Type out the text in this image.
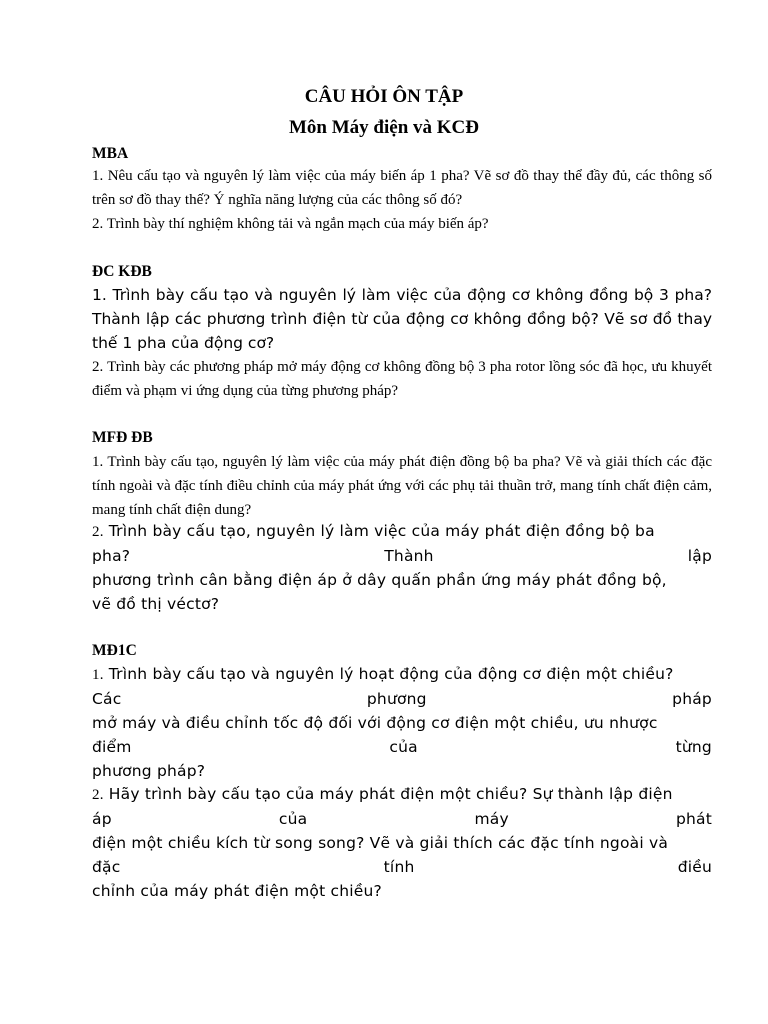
CÂU HỎI ÔN TẬP
Môn Máy điện và KCĐ
MBA

1. Nêu cấu tạo và nguyên lý làm việc của máy biến áp 1 pha? Vẽ sơ đồ thay thể đầy đủ, các thông số trên sơ đồ thay thế? Ý nghĩa năng lượng của các thông số đó?

2. Trình bày thí nghiệm không tải và ngắn mạch của máy biến áp?

ĐC KĐB

1. Trình bày cấu tạo và nguyên lý làm việc của động cơ không đồng bộ 3 pha? Thành lập các phương trình điện từ của động cơ không đồng bộ? Vẽ sơ đồ thay thế 1 pha của động cơ?

2. Trình bày các phương pháp mở máy động cơ không đồng bộ 3 pha rotor lồng sóc đã học, ưu khuyết điểm và phạm vi ứng dụng của từng phương pháp?

MFĐ ĐB

1. Trình bày cấu tạo, nguyên lý làm việc của máy phát điện đồng bộ ba pha? Vẽ và giải thích các đặc tính ngoài và đặc tính điều chỉnh của máy phát ứng với các phụ tải thuần trở, mang tính chất điện cảm, mang tính chất điện dung?

2. Trình bày cấu tạo, nguyên lý làm việc của máy phát điện đồng bộ ba
pha?	Thành	lập
phương trình cân bằng điện áp ở dây quấn phần ứng máy phát đồng bộ,
vẽ đồ thị véctơ?
MĐ1C
1. Trình bày cấu tạo và nguyên lý hoạt động của động cơ điện một chiều?
Các	phương	pháp
mở máy và điều chỉnh tốc độ đối với động cơ điện một chiều, ưu nhược
điểm	của	từng
phương pháp?
2. Hãy trình bày cấu tạo của máy phát điện một chiều? Sự thành lập điện
áp	của	máy	phát
điện một chiều kích từ song song? Vẽ và giải thích các đặc tính ngoài và
đặc	tính	điều
chỉnh của máy phát điện một chiều?
